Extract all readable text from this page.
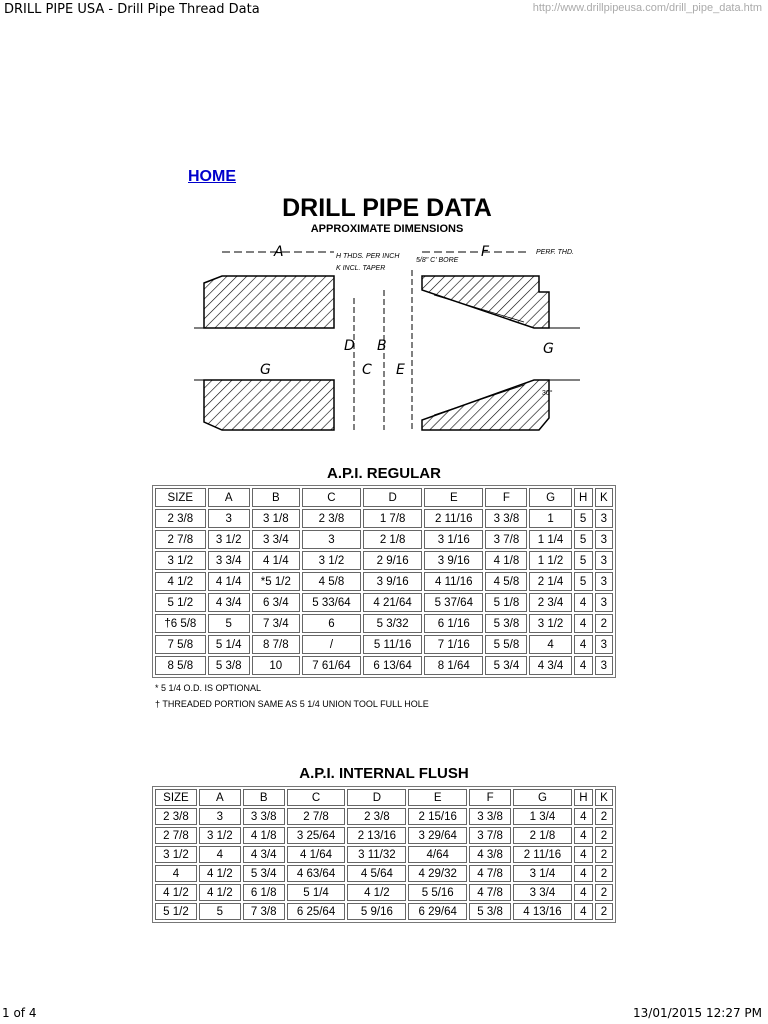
DRILL PIPE USA - Drill Pipe Thread Data	http://www.drillpipeusa.com/drill_pipe_data.htm
HOME
DRILL PIPE DATA
APPROXIMATE DIMENSIONS
A	F
H THDS. PER INCH
K INCL. TAPER
5/8" C' BORE
PERF. THD.
D B
C E
G
G
30°
A.P.I. REGULAR
SIZE	A	B	C	D	E	F	G	H	K
2 3/8	3	3 1/8	2 3/8	1 7/8	2 11/16	3 3/8	1	5	3
2 7/8	3 1/2	3 3/4	3	2 1/8	3 1/16	3 7/8	1 1/4	5	3
3 1/2	3 3/4	4 1/4	3 1/2	2 9/16	3 9/16	4 1/8	1 1/2	5	3
4 1/2	4 1/4	*5 1/2	4 5/8	3 9/16	4 11/16	4 5/8	2 1/4	5	3
5 1/2	4 3/4	6 3/4	5 33/64	4 21/64	5 37/64	5 1/8	2 3/4	4	3
†6 5/8	5	7 3/4	6	5 3/32	6 1/16	5 3/8	3 1/2	4	2
7 5/8	5 1/4	8 7/8	/	5 11/16	7 1/16	5 5/8	4	4	3
8 5/8	5 3/8	10	7 61/64	6 13/64	8 1/64	5 3/4	4 3/4	4	3
* 5 1/4 O.D. IS OPTIONAL
† THREADED PORTION SAME AS 5 1/4 UNION TOOL FULL HOLE
A.P.I. INTERNAL FLUSH
SIZE	A	B	C	D	E	F	G	H	K
2 3/8	3	3 3/8	2 7/8	2 3/8	2 15/16	3 3/8	1 3/4	4	2
2 7/8	3 1/2	4 1/8	3 25/64	2 13/16	3 29/64	3 7/8	2 1/8	4	2
3 1/2	4	4 3/4	4 1/64	3 11/32	4/64	4 3/8	2 11/16	4	2
4	4 1/2	5 3/4	4 63/64	4 5/64	4 29/32	4 7/8	3 1/4	4	2
4 1/2	4 1/2	6 1/8	5 1/4	4 1/2	5 5/16	4 7/8	3 3/4	4	2
5 1/2	5	7 3/8	6 25/64	5 9/16	6 29/64	5 3/8	4 13/16	4	2
1 of 4	13/01/2015 12:27 PM
